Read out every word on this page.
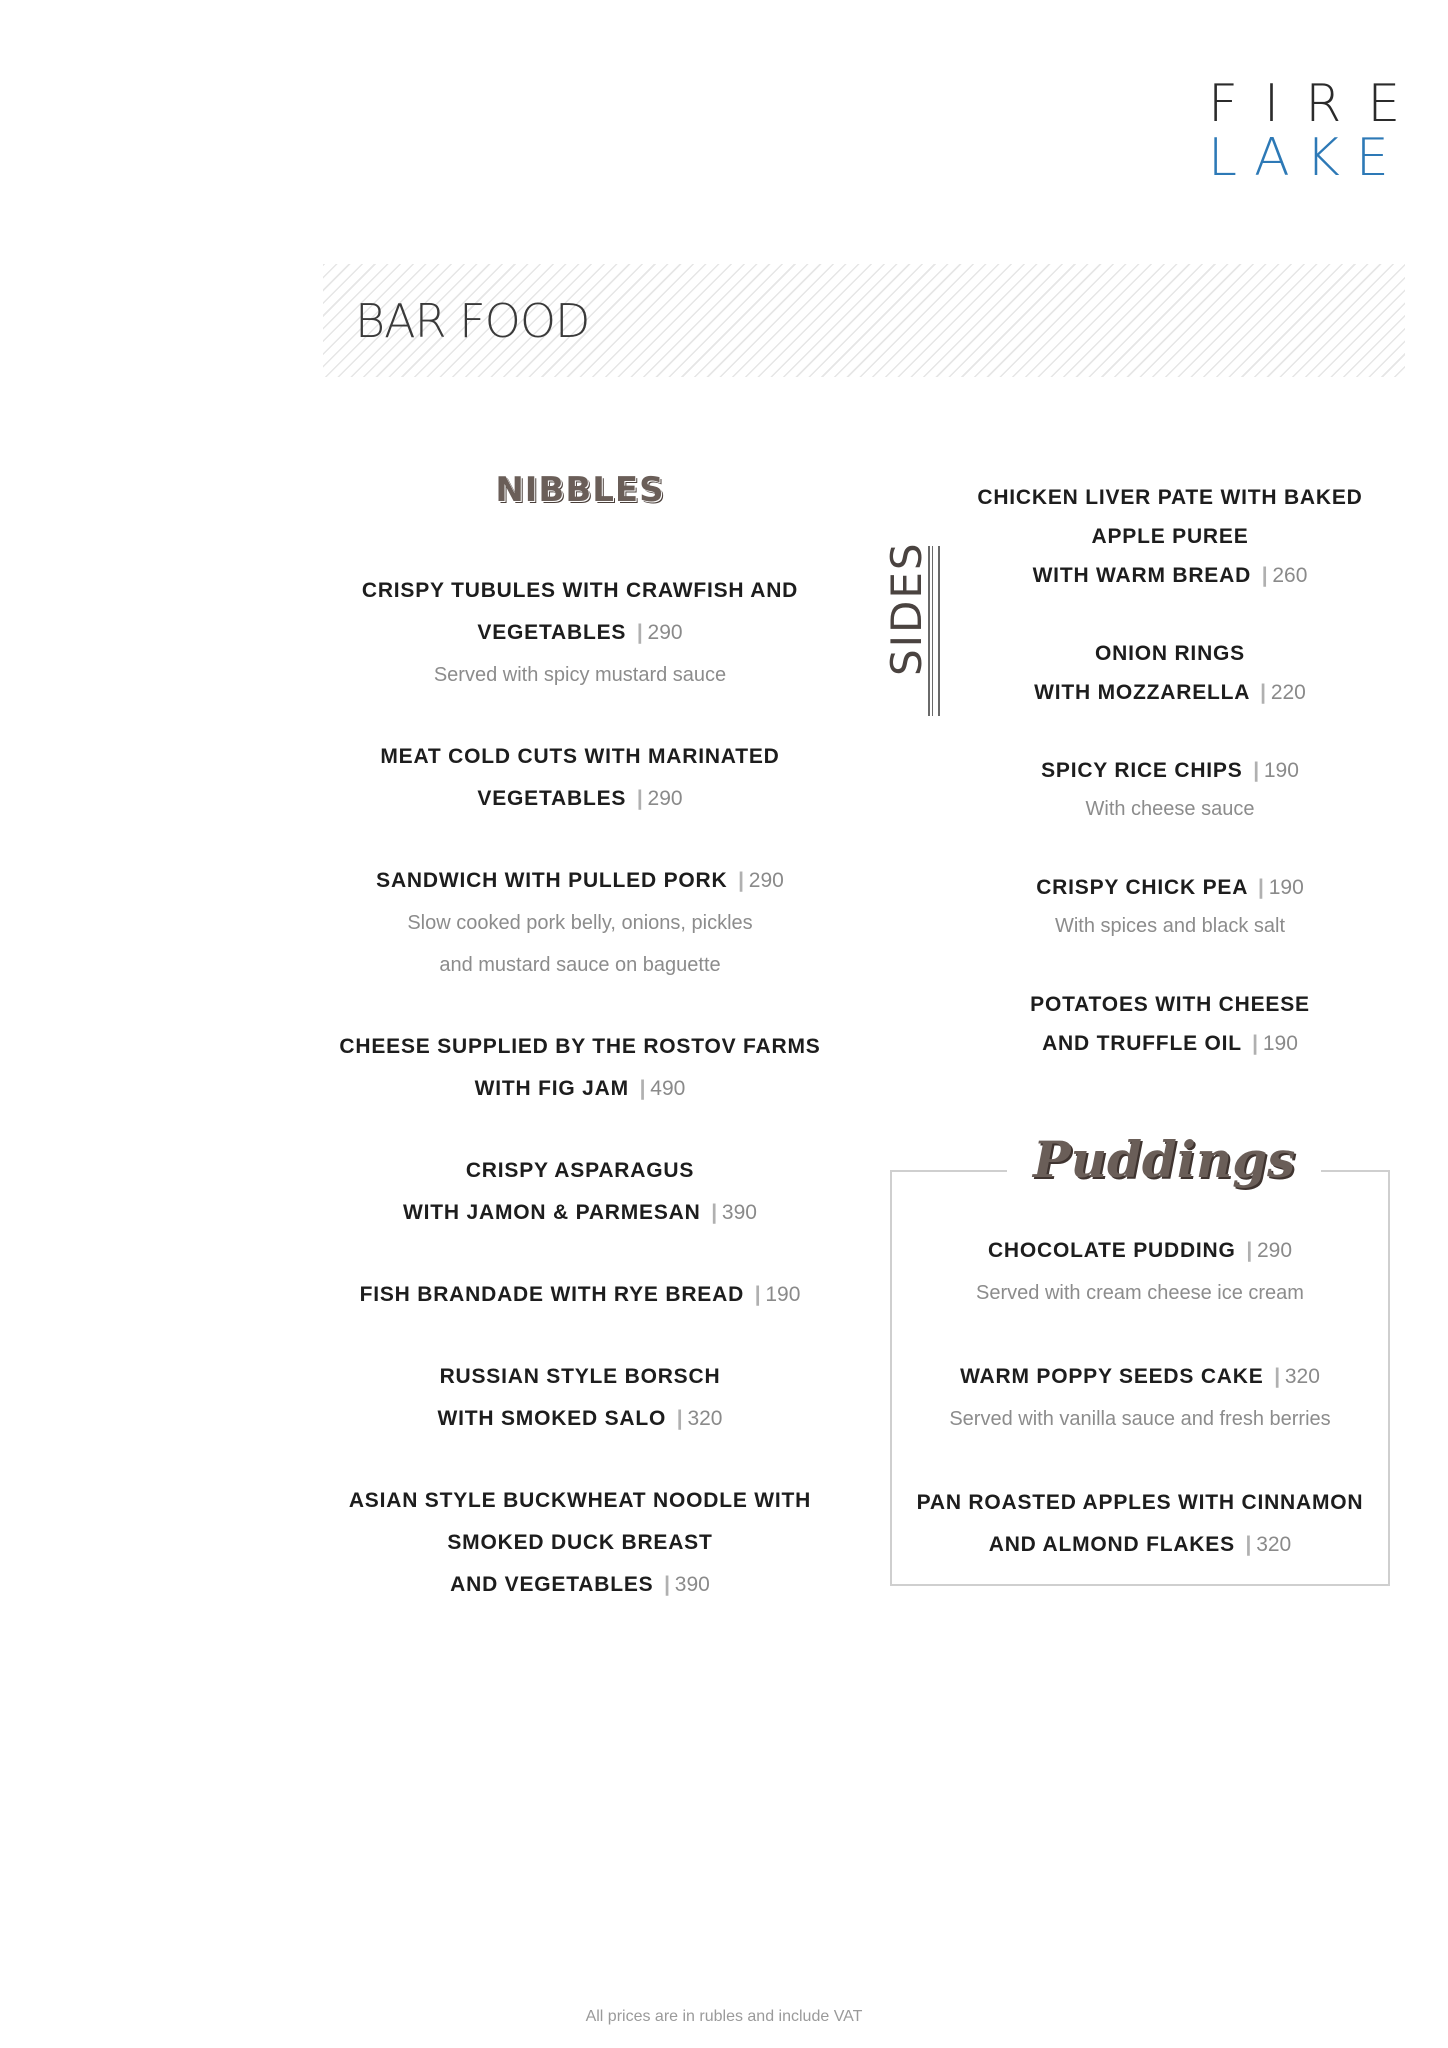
FIRE
LAKE
BAR FOOD
NIBBLES
CRISPY TUBULES WITH CRAWFISH AND
VEGETABLES | 290
Served with spicy mustard sauce
MEAT COLD CUTS WITH MARINATED
VEGETABLES | 290
SANDWICH WITH PULLED PORK | 290
Slow cooked pork belly, onions, pickles
and mustard sauce on baguette
CHEESE SUPPLIED BY THE ROSTOV FARMS
WITH FIG JAM | 490
CRISPY ASPARAGUS
WITH JAMON & PARMESAN | 390
FISH BRANDADE WITH RYE BREAD | 190
RUSSIAN STYLE BORSCH
WITH SMOKED SALO | 320
ASIAN STYLE BUCKWHEAT NOODLE WITH
SMOKED DUCK BREAST
AND VEGETABLES | 390
SIDES
CHICKEN LIVER PATE WITH BAKED
APPLE PUREE
WITH WARM BREAD | 260
ONION RINGS
WITH MOZZARELLA | 220
SPICY RICE CHIPS | 190
With cheese sauce
CRISPY CHICK PEA | 190
With spices and black salt
POTATOES WITH CHEESE
AND TRUFFLE OIL | 190
Puddings
CHOCOLATE PUDDING | 290
Served with cream cheese ice cream
WARM POPPY SEEDS CAKE | 320
Served with vanilla sauce and fresh berries
PAN ROASTED APPLES WITH CINNAMON
AND ALMOND FLAKES | 320
All prices are in rubles and include VAT
